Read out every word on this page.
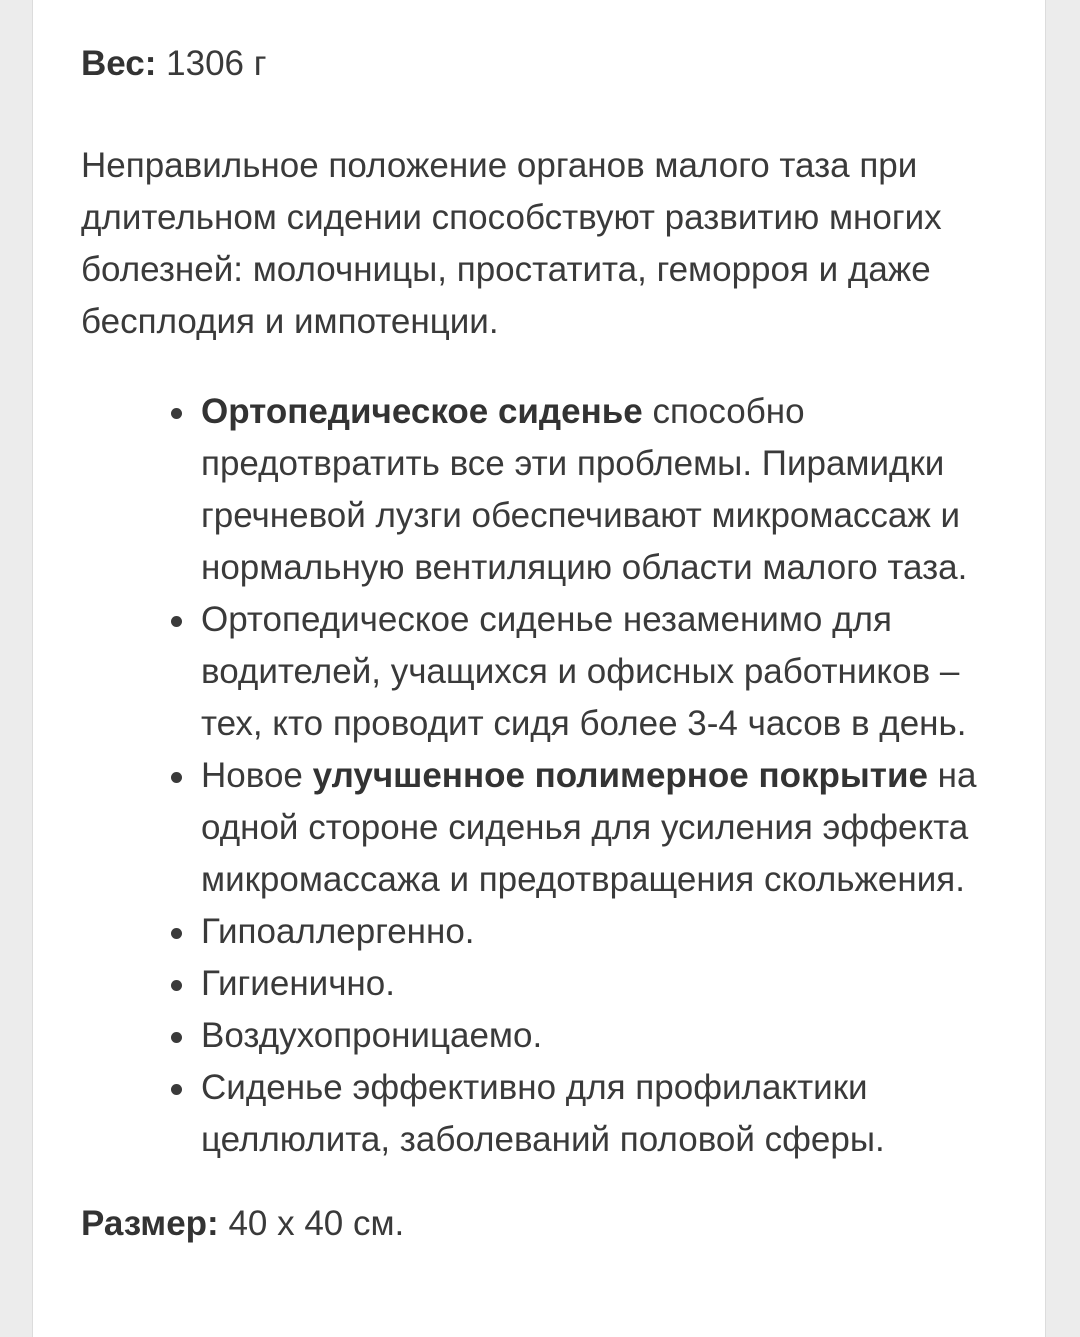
Вес: 1306 г

Неправильное положение органов малого таза при длительном сидении способствуют развитию многих болезней: молочницы, простатита, геморроя и даже бесплодия и импотенции.

Ортопедическое сиденье способно предотвратить все эти проблемы. Пирамидки гречневой лузги обеспечивают микромассаж и нормальную вентиляцию области малого таза.
Ортопедическое сиденье незаменимо для водителей, учащихся и офисных работников – тех, кто проводит сидя более 3-4 часов в день.
Новое улучшенное полимерное покрытие на одной стороне сиденья для усиления эффекта микромассажа и предотвращения скольжения.
Гипоаллергенно.
Гигиенично.
Воздухопроницаемо.
Сиденье эффективно для профилактики целлюлита, заболеваний половой сферы.

Размер: 40 х 40 см.
